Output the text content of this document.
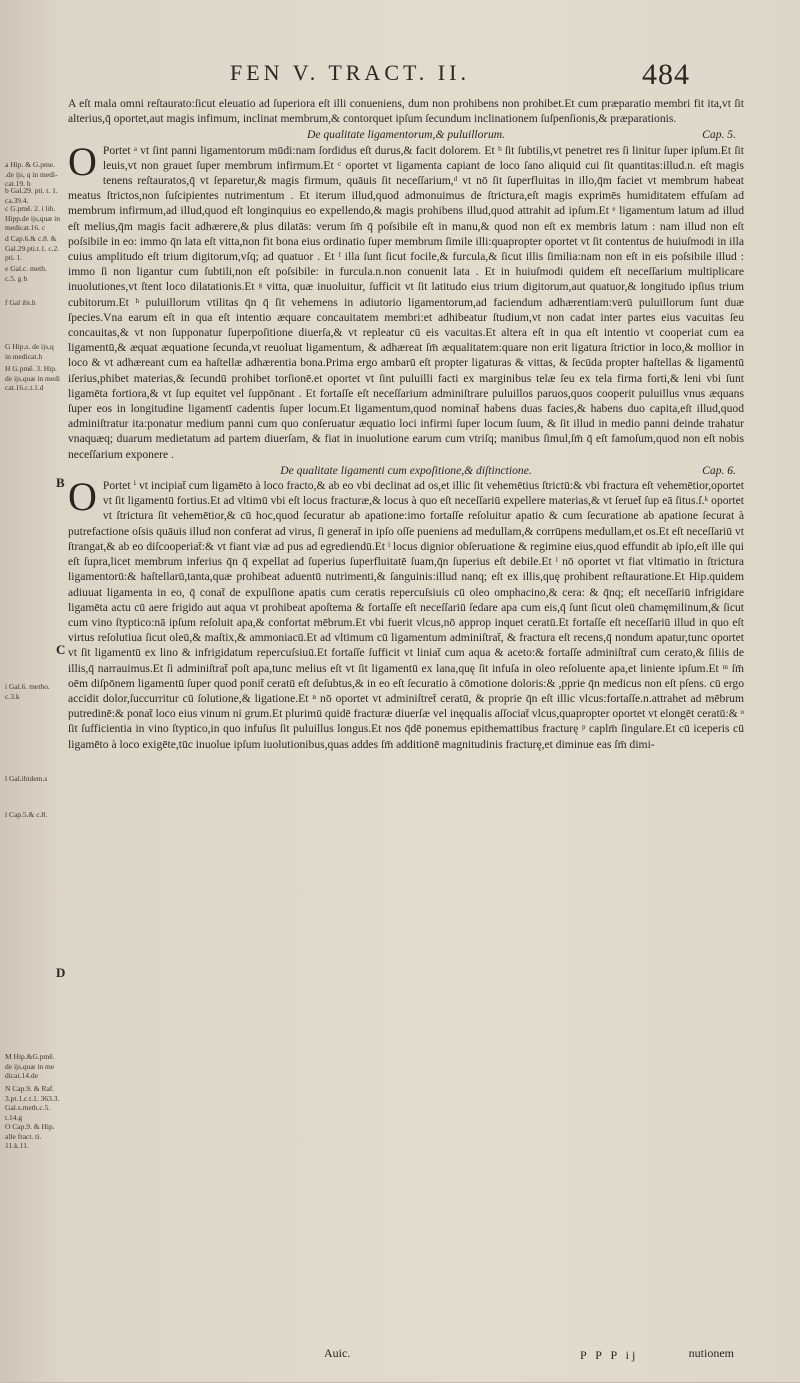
FEN V. TRACT. II.	484
a Hip. & G.pme.
.de ijs, q in medi-
cat.19. h
b Gal.29. pti. t. 1.
ca.39.4.
c G.pmē. 2. i lib.
Hipp.de ijs,quæ in
medicat.16. c
d Cap.6.& c.8. &
Gal.29.pti.t.1. c.2.
pti. 1.
e Gal.c. meth.
c.5. g h
f Gal ibi.h
G Hip.s. de ijs,q
in medicat.h
H G.pmē. 3. Hip.
de ijs,quæ in medi
cat.16.c.t.1.d
i Gal.6. metho.
c.3.k
l Gal.ibidem.s
l Cap.5.& c.8.
M Hip.&G.pmē.
de ijs,quæ in me
dicat.14.de
N Cap.9. & Raf.
3.pt.1.c.t.1. 363.3.
Gal.s.meth.c.5.
t.14.g
O Cap.9. & Hip.
alle fract. ti.
11.k.11.

A eſt mala omni reſtaurato:ſicut eleuatio ad ſuperiora eſt illi conueniens, dum non prohibens non prohibet.Et cum præparatio membri fit ita,vt ſit alterius,q̄ oportet,aut magis infimum, inclinat membrum,& contorquet ipſum ſecundum inclinationem ſuſpenſionis,& præparationis.

De qualitate ligamentorum,& puluillorum.	Cap. 5.

O Portet ᵃ vt ſint panni ligamentorum mūdi:nam ſordidus eſt durus,& facit dolorem. Et ᵇ ſit ſubtilis,vt penetret res ſi linitur ſuper ipſum.Et ſit leuis,vt non grauet ſuper membrum infirmum.Et ᶜ oportet vt ligamenta capiant de loco ſano aliquid cui ſit quantitas:illud.n. eſt magis tenens reſtauratos,q̄ vt ſeparetur,& magis firmum, quāuis ſit neceſſarium,ᵈ vt nō ſit ſuperfluitas in illo,q̄m faciet vt membrum habeat meatus ſtrictos,non ſuſcipientes nutrimentum . Et iterum illud,quod admonuimus de ſtrictura,eſt magis exprimēs humiditatem effuſam ad membrum infirmum,ad illud,quod eſt longinquius eo expellendo,& magis prohibens illud,quod attrahit ad ipſum.Et ᵉ ligamentum latum ad illud eſt melius,q̄m magis facit adhærere,& plus dilatās: verum ſm̄ q̄ poſsibile eſt in manu,& quod non eſt ex membris latum : nam illud non eſt poſsibile in eo: immo q̄n lata eſt vitta,non fit bona eius ordinatio ſuper membrum ſimile illi:quapropter oportet vt ſit contentus de huiuſmodi in illa cuius amplitudo eſt trium digitorum,vſq; ad quatuor . Et ᶠ illa ſunt ſicut focile,& furcula,& ſicut illis ſimilia:nam non eſt in eis poſsibile illud : immo ſi non ligantur cum ſubtili,non eſt poſsibile: in furcula.n.non conuenit lata . Et in huiuſmodi quidem eſt neceſſarium multiplicare inuolutiones,vt ſtent loco dilatationis.Et ᵍ vitta, quæ inuoluitur, ſufficit vt ſit latitudo eius trium digitorum,aut quatuor,& longitudo ipſius trium cubitorum.Et ʰ puluillorum vtilitas q̄n q̄ ſit vehemens in adiutorio ligamentorum,ad faciendum adhærentiam:verū puluillorum ſunt duæ ſpecies.Vna earum eſt in qua eſt intentio æquare concauitatem membri:et adhibeatur ſtudium,vt non cadat inter partes eius vacuitas ſeu concauitas,& vt non ſupponatur ſuperpoſitione diuerſa,& vt repleatur cū eis vacuitas.Et altera eſt in qua eſt intentio vt cooperiat cum ea ligamentū,& æquat æquatione ſecunda,vt reuoluat ligamentum, & adhæreat ſm̄ æqualitatem:quare non erit ligatura ſtrictior in loco,& mollior in loco & vt adhæreant cum ea haſtellæ adhærentia bona.Prima ergo ambarū eſt propter ligaturas & vittas, & ſecūda propter haſtellas & ligamentū iſerius,phibet materias,& ſecundū prohibet torſionē.et oportet vt ſint puluilli facti ex marginibus telæ ſeu ex tela firma forti,& leni vbi ſunt ligamēta fortiora,& vt ſup equitet vel ſuppōnant . Et fortaſſe eſt neceſſarium adminiſtrare puluillos paruos,quos cooperit puluillus vnus æquans ſuper eos in longitudine ligamentī cadentis ſuper locum.Et ligamentum,quod nominat̄ habens duas facies,& habens duo capita,eſt illud,quod adminiſtratur ita:ponatur medium panni cum quo conſeruatur æquatio loci infirmi ſuper locum ſuum, & ſit illud in medio panni deinde trahatur vnaquæq; duarum medietatum ad partem diuerſam, & fiat in inuolutione earum cum vtriſq; manibus ſimul,ſm̄ q̄ eſt famoſum,quod non eſt nobis neceſſarium exponere .

De qualitate ligamenti cum expoſitione,& diſtinctione.	Cap. 6.

O Portet ⁱ vt incipiat̄ cum ligamēto à loco fracto,& ab eo vbi declinat ad os,et illic ſit vehemētius ſtrictū:& vbi fractura eſt vehemētior,oportet vt ſit ligamentū fortius.Et ad vltimū vbi eſt locus fracturæ,& locus à quo eſt neceſſariū expellere materias,& vt ſeruet̄ ſup eā ſitus.ſ.ᵏ oportet vt ſtrictura ſit vehemētior,& cū hoc,quod ſecuratur ab apatione:imo fortaſſe reſoluitur apatio & cum ſecuratione ab apatione ſecurat à putrefactione oſsis quāuis illud non conferat ad virus, ſi generat̄ in ipſo oſſe pueniens ad medullam,& corrūpens medullam,et os.Et eſt neceſſariū vt ſtrangat,& ab eo diſcooperiat̄:& vt fiant viæ ad pus ad egrediendū.Et ˡ locus dignior obſeruatione & regimine eius,quod effundit ab ipſo,eſt ille qui eſt ſupra,licet membrum inferius q̄n q̄ expellat ad ſuperius ſuperfluitatē ſuam,q̄n ſuperius eſt debile.Et ˡ nō oportet vt fiat vltimatio in ſtrictura ligamentorū:& haſtellarū,tanta,quæ prohibeat aduentū nutrimenti,& ſanguinis:illud nanq; eſt ex illis,quę prohibent reſtauratione.Et Hip.quidem adiuuat ligamenta in eo, q̄ conat̄ de expulſione apatis cum ceratis repercuſsiuis cū oleo omphacino,& cera: & q̄nq; eſt neceſſariū infrigidare ligamēta actu cū aere frigido aut aqua vt prohibeat apoſtema & fortaſſe eſt neceſſariū ſedare apa cum eis,q̄ ſunt ſicut oleū chamęmilinum,& ſicut cum vino ſtyptico:nā ipſum reſoluit apa,& confortat mēbrum.Et vbi fuerit vlcus,nō approp inquet ceratū.Et fortaſſe eſt neceſſariū illud in quo eſt virtus reſolutiua ſicut oleū,& maſtix,& ammoniacū.Et ad vltimum cū ligamentum adminiſtrat̄, & fractura eſt recens,q̄ nondum apatur,tunc oportet vt ſit ligamentū ex lino & infrigidatum repercuſsiuū.Et fortaſſe ſufficit vt liniat̄ cum aqua & aceto:& fortaſſe adminiſtrat̄ cum cerato,& ſiliis de illis,q̄ narrauimus.Et ſi adminiſtrat̄ poſt apa,tunc melius eſt vt ſit ligamentū ex lana,quę ſit infuſa in oleo reſoluente apa,et liniente ipſum.Et ᵐ ſm̄ oēm diſpōnem ligamentū ſuper quod ponit̄ ceratū eſt deſubtus,& in eo eſt ſecuratio à cōmotione doloris:& ,pprie q̄n medicus non eſt pſens. cū ergo accidit dolor,ſuccurritur cū ſolutione,& ligatione.Et ⁿ nō oportet vt adminiſtret̄ ceratū, & proprie q̄n eſt illic vlcus:fortaſſe.n.attrahet ad mēbrum putredinē:& ponat̄ loco eius vinum ni grum.Et plurimū quidē fracturæ diuerſæ vel inęqualis aſſociat̄ vlcus,quapropter oportet vt elongēt ceratū:& ᵒ ſit ſufficientia in vino ſtyptico,in quo infuſus ſit puluillus longus.Et nos q̄dē ponemus epithemattibus fracturę ᵖ caplm̄ ſingulare.Et cū iceperis cū ligamēto à loco exigēte,tūc inuolue ipſum iuolutionibus,quas addes ſm̄ additionē magnitudinis fracturę,et diminue eas ſm̄ dimi-

B
C
D
Auic.	P P P ij	nutionem
